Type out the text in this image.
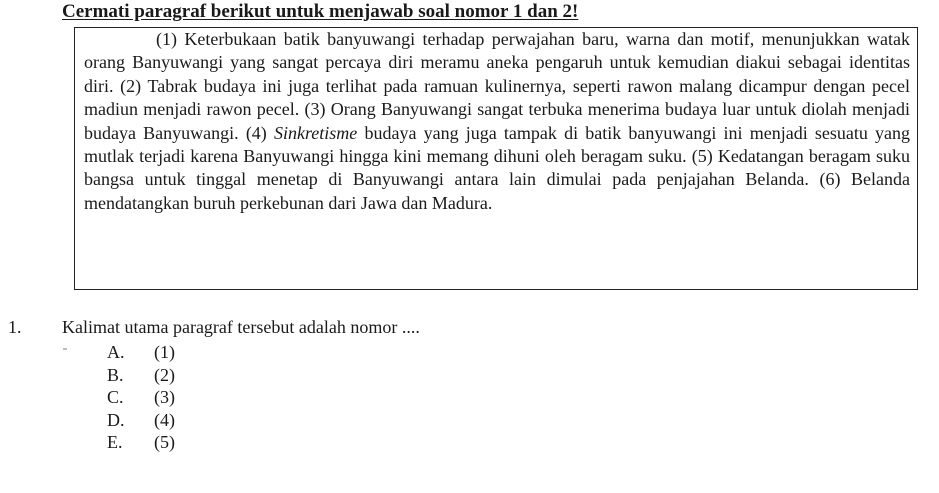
Cermati paragraf berikut untuk menjawab soal nomor 1 dan 2!

(1) Keterbukaan batik banyuwangi terhadap perwajahan baru, warna dan motif, menunjukkan watak orang Banyuwangi yang sangat percaya diri meramu aneka pengaruh untuk kemudian diakui sebagai identitas diri. (2) Tabrak budaya ini juga terlihat pada ramuan kulinernya, seperti rawon malang dicampur dengan pecel madiun menjadi rawon pecel. (3) Orang Banyuwangi sangat terbuka menerima budaya luar untuk diolah menjadi budaya Banyuwangi. (4) Sinkretisme budaya yang juga tampak di batik banyuwangi ini menjadi sesuatu yang mutlak terjadi karena Banyuwangi hingga kini memang dihuni oleh beragam suku. (5) Kedatangan beragam suku bangsa untuk tinggal menetap di Banyuwangi antara lain dimulai pada penjajahan Belanda. (6) Belanda mendatangkan buruh perkebunan dari Jawa dan Madura.

1. Kalimat utama paragraf tersebut adalah nomor ....
A. (1)
B. (2)
C. (3)
D. (4)
E. (5)
